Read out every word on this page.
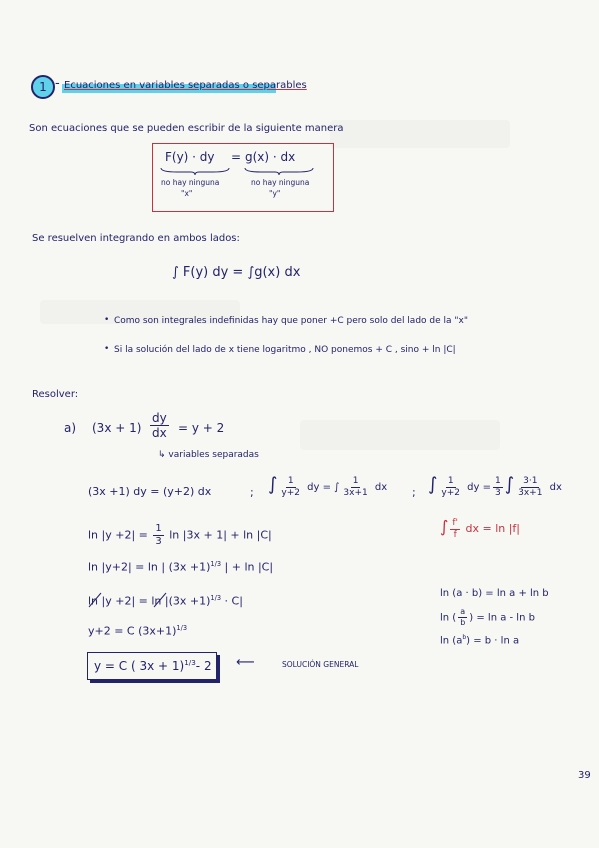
1 - Ecuaciones en variables separadas o separables
Son ecuaciones que se pueden escribir de la siguiente manera
F(y) · dy = g(x) · dx
no hay ninguna
"x"
no hay ninguna
"y"
Se resuelven integrando en ambos lados:
∫ F(y) dy = ∫g(x) dx
• Como son integrales indefinidas hay que poner +C pero solo del lado de la "x"
• Si la solución del lado de x tiene logaritmo , NO ponemos + C , sino + ln |C|
Resolver:
a) $(3x + 1) \frac{dy}{dx} = y + 2$
↳ variables separadas
(3x +1) dy = (y+2) dx	; ∫ $\frac{1}{y+2}$ dy = ∫ $\frac{1}{3x+1}$ dx ; ∫ $\frac{1}{y+2}$ dy = $\frac{1}{3}$ ∫ $\frac{3\cdot 1}{3x+1}$ dx
$\ln |y +2| = \frac{1}{3}$ ln |3x + 1| + ln |C|	∫ $\frac{f'}{f}$ dx = ln |f|
ln |y+2| = ln | $(3x +1)^{1/3}$ | + ln |C|
$\ln |y +2| = \ln |(3x +1)^{1/3} \cdot C|$
ln (a · b) = ln a + ln b
ln ( $\frac{a}{b}$ ) = ln a - ln b
$\ln (a^b) = b \cdot \ln a$
y+2 = C $(3x+1)^{1/3}$
y = C ( 3x + 1)$^{1/3}$- 2 ⟵	SOLUCIÓN GENERAL
39
